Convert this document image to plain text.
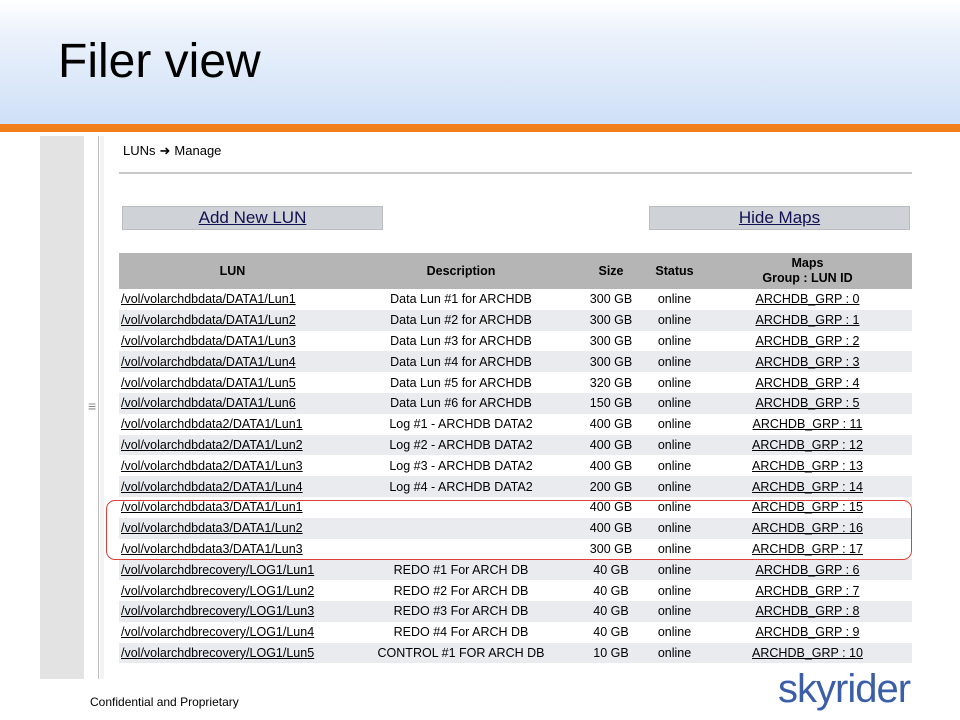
Filer view
≡
LUNs ➜ Manage
Add New LUN	Hide Maps
LUN	Description	Size	Status	Maps
Group : LUN ID
/vol/volarchdbdata/DATA1/Lun1	Data Lun #1 for ARCHDB	300 GB	online	ARCHDB_GRP : 0
/vol/volarchdbdata/DATA1/Lun2	Data Lun #2 for ARCHDB	300 GB	online	ARCHDB_GRP : 1
/vol/volarchdbdata/DATA1/Lun3	Data Lun #3 for ARCHDB	300 GB	online	ARCHDB_GRP : 2
/vol/volarchdbdata/DATA1/Lun4	Data Lun #4 for ARCHDB	300 GB	online	ARCHDB_GRP : 3
/vol/volarchdbdata/DATA1/Lun5	Data Lun #5 for ARCHDB	320 GB	online	ARCHDB_GRP : 4
/vol/volarchdbdata/DATA1/Lun6	Data Lun #6 for ARCHDB	150 GB	online	ARCHDB_GRP : 5
/vol/volarchdbdata2/DATA1/Lun1	Log #1 - ARCHDB DATA2	400 GB	online	ARCHDB_GRP : 11
/vol/volarchdbdata2/DATA1/Lun2	Log #2 - ARCHDB DATA2	400 GB	online	ARCHDB_GRP : 12
/vol/volarchdbdata2/DATA1/Lun3	Log #3 - ARCHDB DATA2	400 GB	online	ARCHDB_GRP : 13
/vol/volarchdbdata2/DATA1/Lun4	Log #4 - ARCHDB DATA2	200 GB	online	ARCHDB_GRP : 14
/vol/volarchdbdata3/DATA1/Lun1		400 GB	online	ARCHDB_GRP : 15
/vol/volarchdbdata3/DATA1/Lun2		400 GB	online	ARCHDB_GRP : 16
/vol/volarchdbdata3/DATA1/Lun3		300 GB	online	ARCHDB_GRP : 17
/vol/volarchdbrecovery/LOG1/Lun1	REDO #1 For ARCH DB	40 GB	online	ARCHDB_GRP : 6
/vol/volarchdbrecovery/LOG1/Lun2	REDO #2 For ARCH DB	40 GB	online	ARCHDB_GRP : 7
/vol/volarchdbrecovery/LOG1/Lun3	REDO #3 For ARCH DB	40 GB	online	ARCHDB_GRP : 8
/vol/volarchdbrecovery/LOG1/Lun4	REDO #4 For ARCH DB	40 GB	online	ARCHDB_GRP : 9
/vol/volarchdbrecovery/LOG1/Lun5	CONTROL #1 FOR ARCH DB	10 GB	online	ARCHDB_GRP : 10
Confidential and Proprietary	skyrider
